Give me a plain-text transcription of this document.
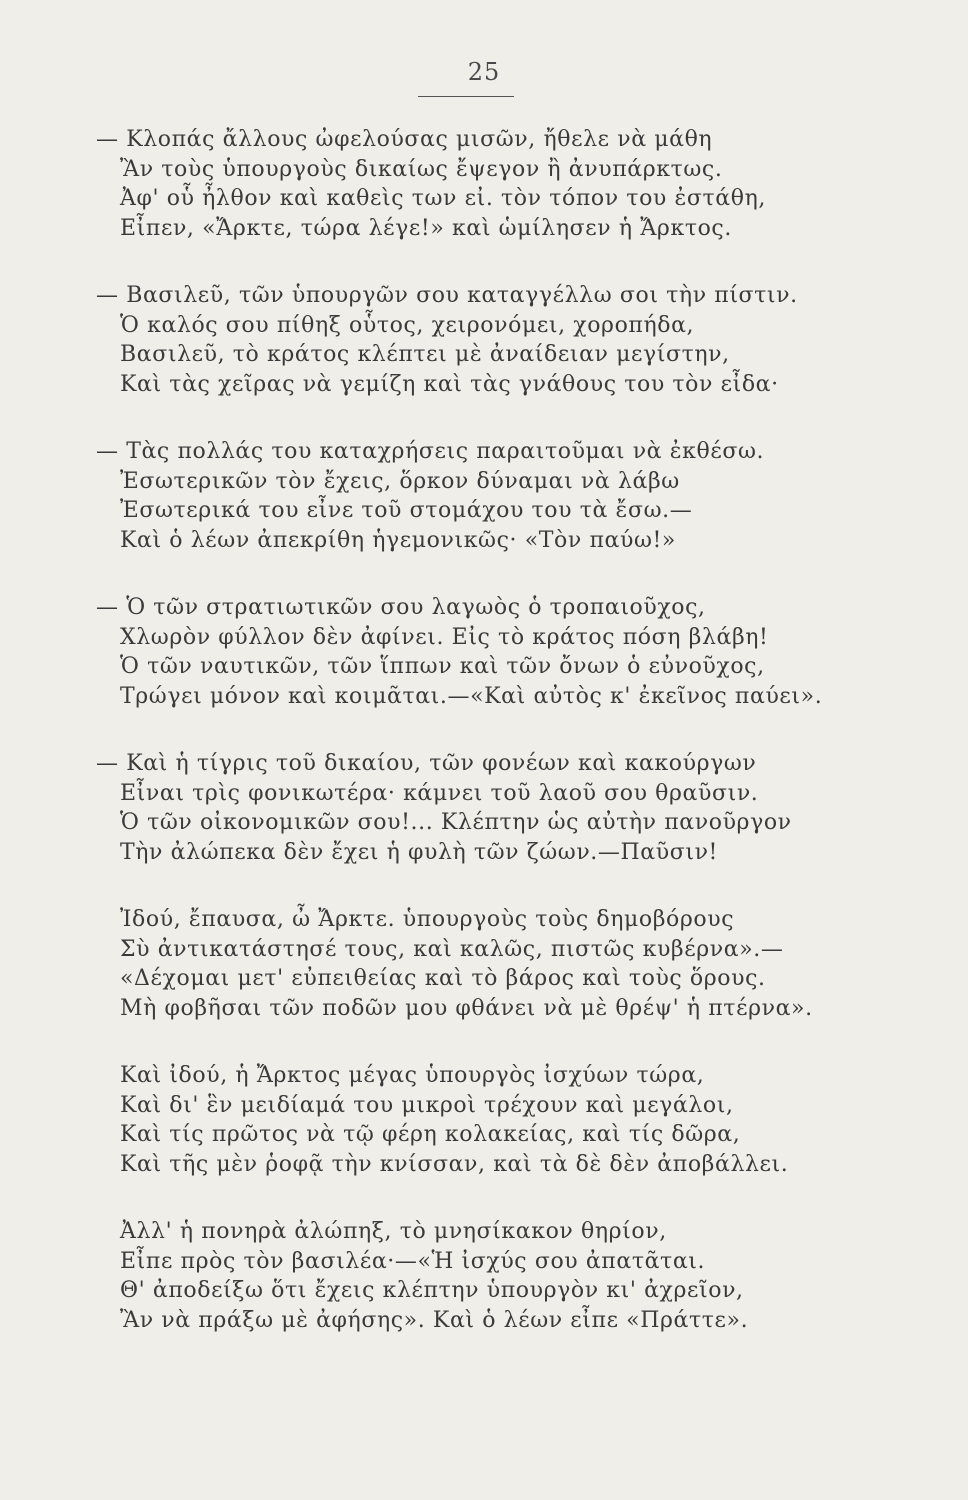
25
— Κλοπάς ἄλλους ὠφελούσας μισῶν, ἤθελε νὰ μάθη
Ἂν τοὺς ὑπουργοὺς δικαίως ἔψεγον ἢ ἀνυπάρκτως.
Ἀφ' οὗ ἦλθον καὶ καθεὶς των εἰ. τὸν τόπον του ἐστάθη,
Εἶπεν, «Ἄρκτε, τώρα λέγε!» καὶ ὡμίλησεν ἡ Ἄρκτος.
— Βασιλεῦ, τῶν ὑπουργῶν σου καταγγέλλω σοι τὴν πίστιν.
Ὁ καλός σου πίθηξ οὗτος, χειρονόμει, χοροπήδα,
Βασιλεῦ, τὸ κράτος κλέπτει μὲ ἀναίδειαν μεγίστην,
Καὶ τὰς χεῖρας νὰ γεμίζη καὶ τὰς γνάθους του τὸν εἶδα·
— Τὰς πολλάς του καταχρήσεις παραιτοῦμαι νὰ ἐκθέσω.
Ἐσωτερικῶν τὸν ἔχεις, ὅρκον δύναμαι νὰ λάβω
Ἐσωτερικά του εἶνε τοῦ στομάχου του τὰ ἔσω.—
Καὶ ὁ λέων ἀπεκρίθη ἡγεμονικῶς· «Τὸν παύω!»
— Ὁ τῶν στρατιωτικῶν σου λαγωὸς ὁ τροπαιοῦχος,
Χλωρὸν φύλλον δὲν ἀφίνει. Εἰς τὸ κράτος πόση βλάβη!
Ὁ τῶν ναυτικῶν, τῶν ἵππων καὶ τῶν ὄνων ὁ εὐνοῦχος,
Τρώγει μόνον καὶ κοιμᾶται.—«Καὶ αὐτὸς κ' ἐκεῖνος παύει».
— Καὶ ἡ τίγρις τοῦ δικαίου, τῶν φονέων καὶ κακούργων
Εἶναι τρὶς φονικωτέρα· κάμνει τοῦ λαοῦ σου θραῦσιν.
Ὁ τῶν οἰκονομικῶν σου!... Κλέπτην ὡς αὐτὴν πανοῦργον
Τὴν ἀλώπεκα δὲν ἔχει ἡ φυλὴ τῶν ζώων.—Παῦσιν!
Ἰδού, ἔπαυσα, ὦ Ἄρκτε. ὑπουργοὺς τοὺς δημοβόρους
Σὺ ἀντικατάστησέ τους, καὶ καλῶς, πιστῶς κυβέρνα».—
«Δέχομαι μετ' εὐπειθείας καὶ τὸ βάρος καὶ τοὺς ὅρους.
Μὴ φοβῆσαι τῶν ποδῶν μου φθάνει νὰ μὲ θρέψ' ἡ πτέρνα».
Καὶ ἰδού, ἡ Ἄρκτος μέγας ὑπουργὸς ἰσχύων τώρα,
Καὶ δι' ἓν μειδίαμά του μικροὶ τρέχουν καὶ μεγάλοι,
Καὶ τίς πρῶτος νὰ τῷ φέρη κολακείας, καὶ τίς δῶρα,
Καὶ τῆς μὲν ῥοφᾷ τὴν κνίσσαν, καὶ τὰ δὲ δὲν ἀποβάλλει.
Ἀλλ' ἡ πονηρὰ ἀλώπηξ, τὸ μνησίκακον θηρίον,
Εἶπε πρὸς τὸν βασιλέα·—«Ἡ ἰσχύς σου ἀπατᾶται.
Θ' ἀποδείξω ὅτι ἔχεις κλέπτην ὑπουργὸν κι' ἀχρεῖον,
Ἂν νὰ πράξω μὲ ἀφήσης». Καὶ ὁ λέων εἶπε «Πράττε».
